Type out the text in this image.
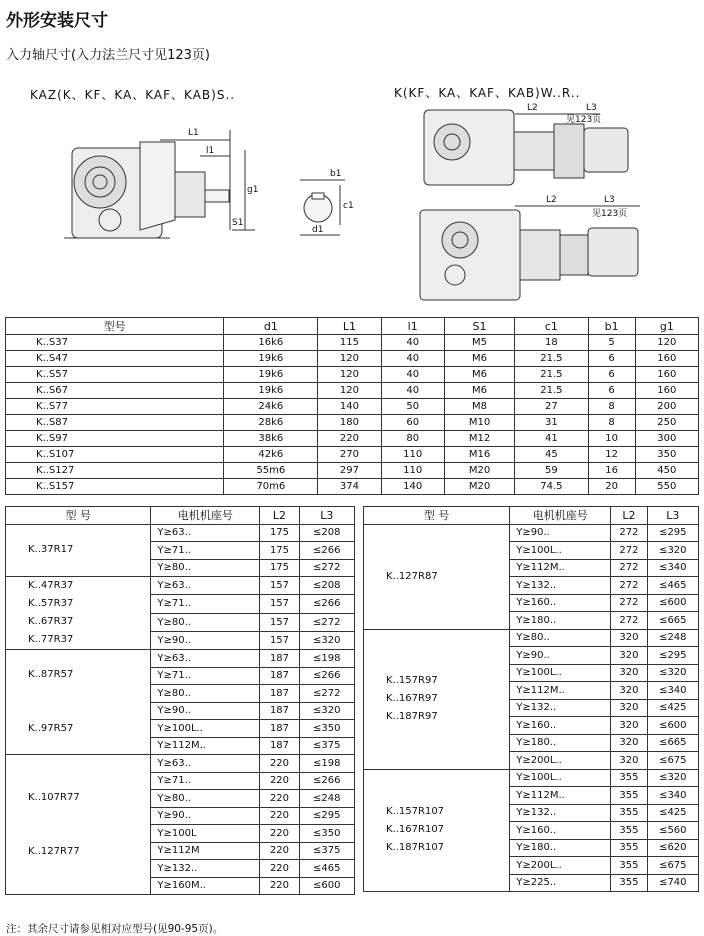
外形安装尺寸
入力轴尺寸(入力法兰尺寸见123页)
KAZ(K、KF、KA、KAF、KAB)S..	K(KF、KA、KAF、KAB)W..R..
L1
l1
S1
g1
b1
c1
d1
L2	L3
见123页
L2	L3
见123页
型号	d1	L1	l1	S1	c1	b1	g1
K..S37	16k6	115	40	M5	18	5	120
K..S47	19k6	120	40	M6	21.5	6	160
K..S57	19k6	120	40	M6	21.5	6	160
K..S67	19k6	120	40	M6	21.5	6	160
K..S77	24k6	140	50	M8	27	8	200
K..S87	28k6	180	60	M10	31	8	250
K..S97	38k6	220	80	M12	41	10	300
K..S107	42k6	270	110	M16	45	12	350
K..S127	55m6	297	110	M20	59	16	450
K..S157	70m6	374	140	M20	74.5	20	550
型 号	电机机座号	L2	L3

K..37R17	Y≥63..	175	≤208
	Y≥71..	175	≤266
	Y≥80..	175	≤272

K..47R37
K..57R37
K..67R37
K..77R37	Y≥63..	157	≤208
	Y≥71..	157	≤266
	Y≥80..	157	≤272
	Y≥90..	157	≤320

K..87R57

K..97R57	Y≥63..	187	≤198
	Y≥71..	187	≤266
	Y≥80..	187	≤272
	Y≥90..	187	≤320
	Y≥100L..	187	≤350
	Y≥112M..	187	≤375

K..107R77

K..127R77	Y≥63..	220	≤198
	Y≥71..	220	≤266
	Y≥80..	220	≤248
	Y≥90..	220	≤295
	Y≥100L	220	≤350
	Y≥112M	220	≤375
	Y≥132..	220	≤465
	Y≥160M..	220	≤600
型 号	电机机座号	L2	L3

K..127R87	Y≥90..	272	≤295
	Y≥100L..	272	≤320
	Y≥112M..	272	≤340
	Y≥132..	272	≤465
	Y≥160..	272	≤600
	Y≥180..	272	≤665

K..157R97
K..167R97
K..187R97	Y≥80..	320	≤248
	Y≥90..	320	≤295
	Y≥100L..	320	≤320
	Y≥112M..	320	≤340
	Y≥132..	320	≤425
	Y≥160..	320	≤600
	Y≥180..	320	≤665
	Y≥200L..	320	≤675

K..157R107
K..167R107
K..187R107	Y≥100L..	355	≤320
	Y≥112M..	355	≤340
	Y≥132..	355	≤425
	Y≥160..	355	≤560
	Y≥180..	355	≤620
	Y≥200L..	355	≤675
	Y≥225..	355	≤740
注：其余尺寸请参见相对应型号(见90-95页)。
